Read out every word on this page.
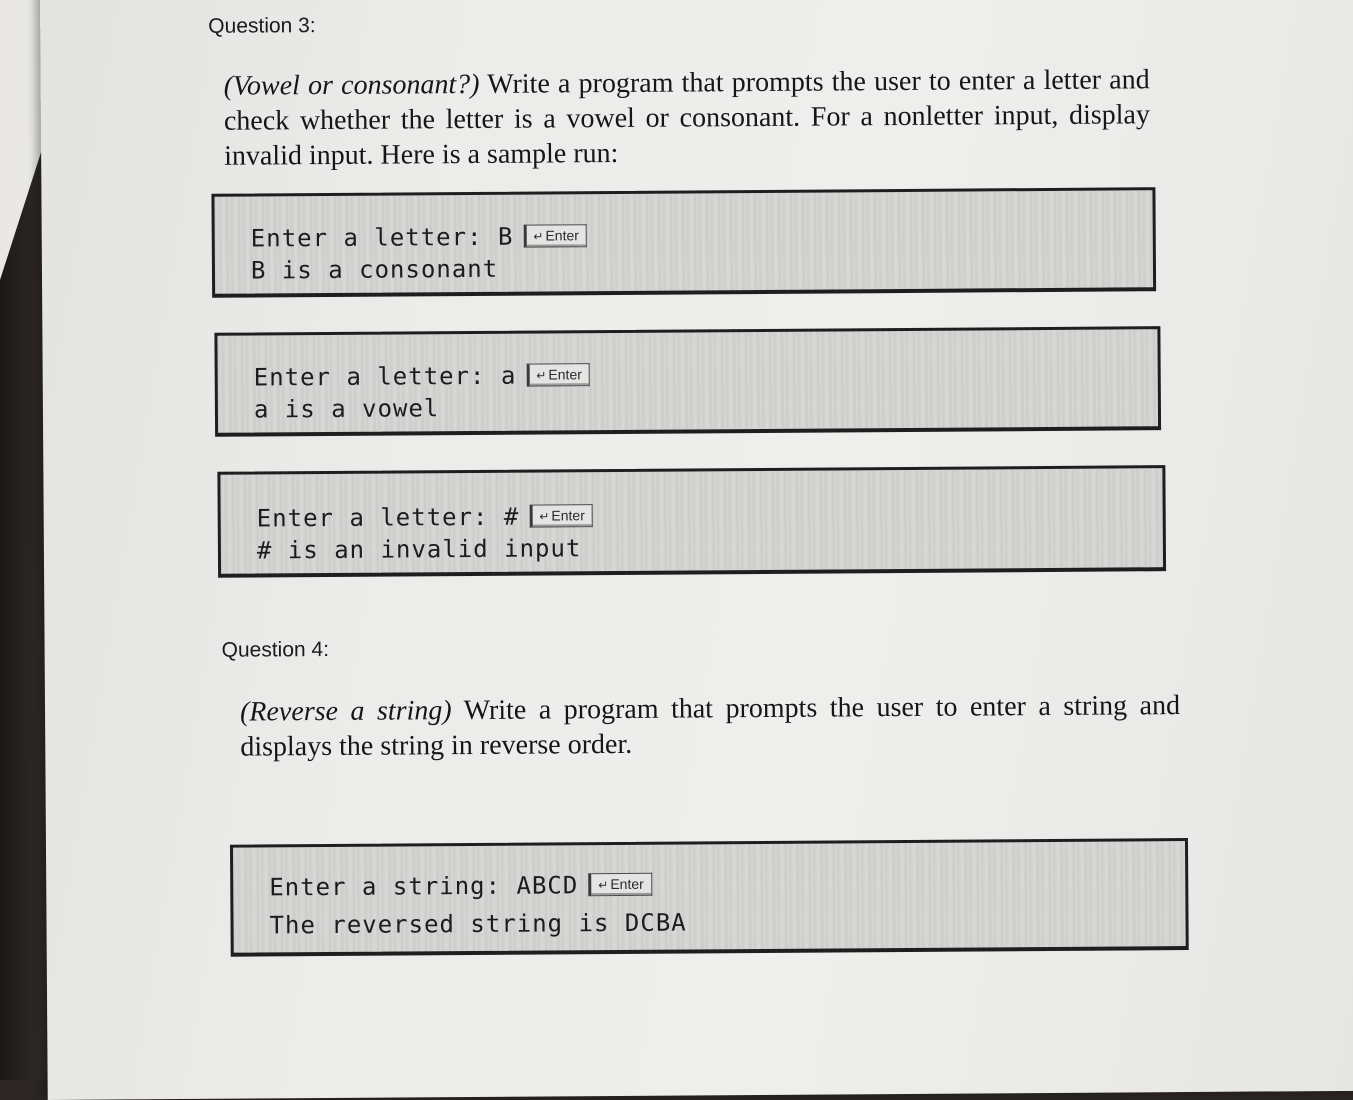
Question 3:
(Vowel or consonant?) Write a program that prompts the user to enter a letter and check whether the letter is a vowel or consonant. For a nonletter input, display invalid input. Here is a sample run:
Enter a letter: B ↵ Enter
B is a consonant
Enter a letter: a ↵ Enter
a is a vowel
Enter a letter: # ↵ Enter
# is an invalid input
Question 4:
(Reverse a string) Write a program that prompts the user to enter a string and displays the string in reverse order.
Enter a string: ABCD ↵ Enter
The reversed string is DCBA
